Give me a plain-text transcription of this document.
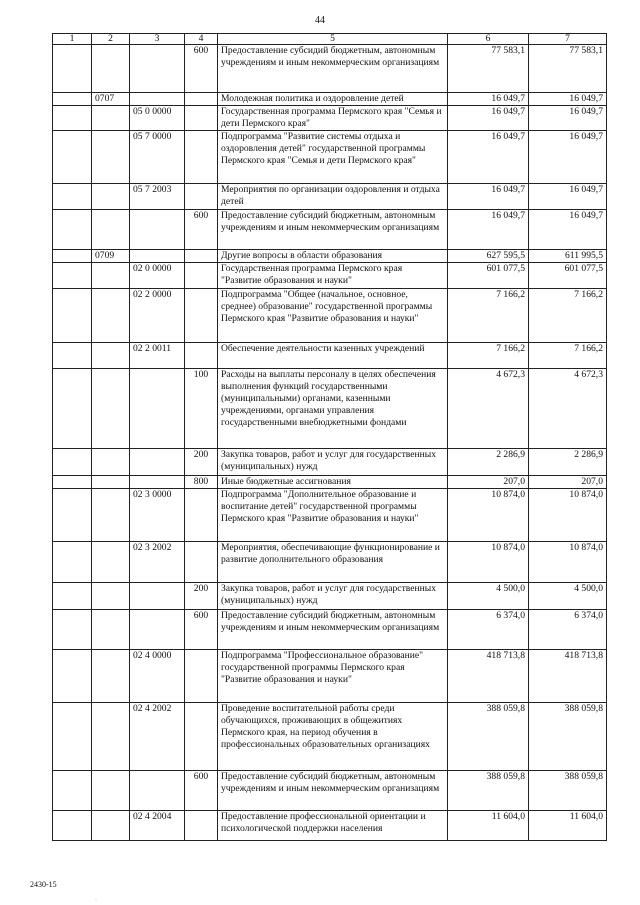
44
1	2	3	4	5	6	7
			600	Предоставление субсидий бюджетным, автономным учреждениям и иным некоммерческим организациям	77 583,1	77 583,1
	0707			Молодежная политика и оздоровление детей	16 049,7	16 049,7
		05 0 0000		Государственная программа Пермского края "Семья и дети Пермского края"	16 049,7	16 049,7
		05 7 0000		Подпрограмма "Развитие системы отдыха и оздоровления детей" государственной программы Пермского края "Семья и дети Пермского края"	16 049,7	16 049,7
		05 7 2003		Мероприятия по организации оздоровления и отдыха детей	16 049,7	16 049,7
			600	Предоставление субсидий бюджетным, автономным учреждениям и иным некоммерческим организациям	16 049,7	16 049,7
	0709			Другие вопросы в области образования	627 595,5	611 995,5
		02 0 0000		Государственная программа Пермского края "Развитие образования и науки"	601 077,5	601 077,5
		02 2 0000		Подпрограмма "Общее (начальное, основное, среднее) образование" государственной программы Пермского края "Развитие образования и науки"	7 166,2	7 166,2
		02 2 0011		Обеспечение деятельности казенных учреждений	7 166,2	7 166,2
			100	Расходы на выплаты персоналу в целях обеспечения выполнения функций государственными (муниципальными) органами, казенными учреждениями, органами управления государственными внебюджетными фондами	4 672,3	4 672,3
			200	Закупка товаров, работ и услуг для государственных (муниципальных) нужд	2 286,9	2 286,9
			800	Иные бюджетные ассигнования	207,0	207,0
		02 3 0000		Подпрограмма "Дополнительное образование и воспитание детей" государственной программы Пермского края "Развитие образования и науки"	10 874,0	10 874,0
		02 3 2002		Мероприятия, обеспечивающие функционирование и развитие дополнительного образования	10 874,0	10 874,0
			200	Закупка товаров, работ и услуг для государственных (муниципальных) нужд	4 500,0	4 500,0
			600	Предоставление субсидий бюджетным, автономным учреждениям и иным некоммерческим организациям	6 374,0	6 374,0
		02 4 0000		Подпрограмма "Профессиональное образование" государственной программы Пермского края "Развитие образования и науки"	418 713,8	418 713,8
		02 4 2002		Проведение воспитательной работы среди обучающихся, проживающих в общежитиях Пермского края, на период обучения в профессиональных образовательных организациях	388 059,8	388 059,8
			600	Предоставление субсидий бюджетным, автономным учреждениям и иным некоммерческим организациям	388 059,8	388 059,8
		02 4 2004		Предоставление профессиональной ориентации и психологической поддержки населения	11 604,0	11 604,0
2430-15
·
